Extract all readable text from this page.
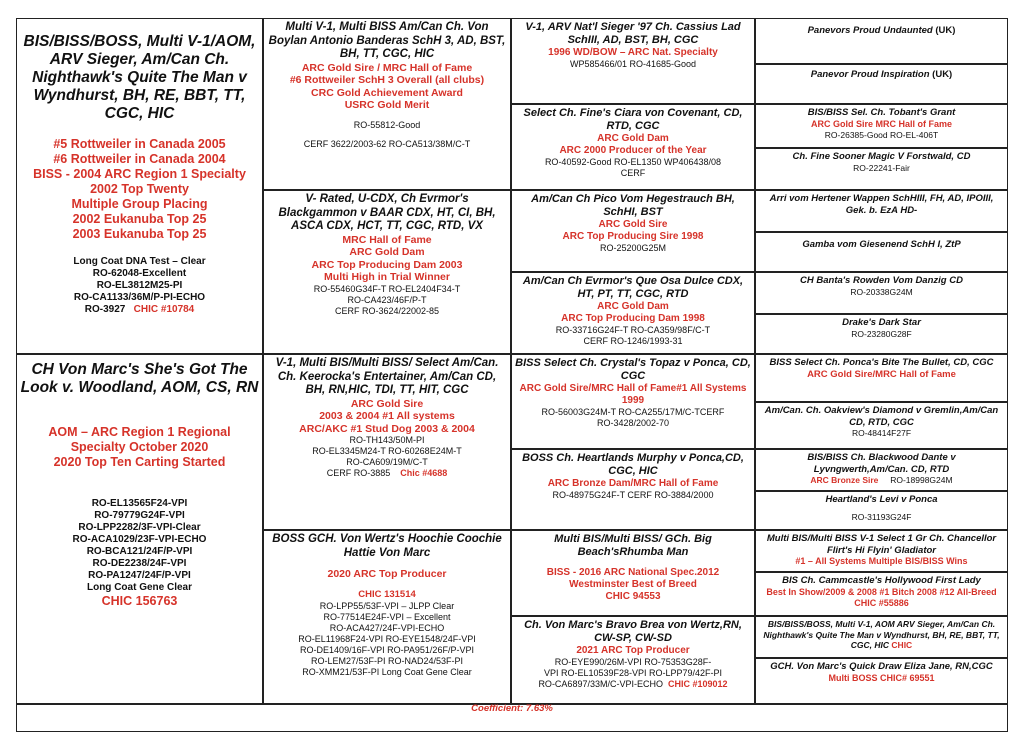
BIS/BISS/BOSS, Multi V-1/AOM, ARV Sieger, Am/Can Ch. Nighthawk's Quite The Man v Wyndhurst, BH, RE, BBT, TT, CGC, HIC
#5 Rottweiler in Canada 2005
#6 Rottweiler in Canada 2004
BISS - 2004 ARC Region 1 Specialty
2002 Top Twenty
Multiple Group Placing
2002 Eukanuba Top 25
2003 Eukanuba Top 25
Long Coat DNA Test – Clear
RO-62048-Excellent
RO-EL3812M25-PI
RO-CA1133/36M/P-PI-ECHO
RO-3927 CHIC #10784
CH Von Marc's She's Got The Look v. Woodland, AOM, CS, RN
AOM – ARC Region 1 Regional Specialty October 2020
2020 Top Ten Carting Started
RO-EL13565F24-VPI
RO-79779G24F-VPI
RO-LPP2282/3F-VPI-Clear
RO-ACA1029/23F-VPI-ECHO
RO-BCA121/24F/P-VPI
RO-DE2238/24F-VPI
RO-PA1247/24F/P-VPI
Long Coat Gene Clear
CHIC 156763
Multi V-1, Multi BISS Am/Can Ch. Von Boylan Antonio Banderas SchH 3, AD, BST, BH, TT, CGC, HIC
ARC Gold Sire / MRC Hall of Fame
#6 Rottweiler SchH 3 Overall (all clubs)
CRC Gold Achievement Award
USRC Gold Merit
RO-55812-Good
CERF 3622/2003-62 RO-CA513/38M/C-T
V- Rated, U-CDX, Ch Evrmor's Blackgammon v BAAR CDX, HT, CI, BH, ASCA CDX, HCT, TT, CGC, RTD, VX
MRC Hall of Fame
ARC Gold Dam
ARC Top Producing Dam 2003
Multi High in Trial Winner
RO-55460G34F-T RO-EL2404F34-T
RO-CA423/46F/P-T
CERF RO-3624/22002-85
V-1, Multi BIS/Multi BISS/ Select Am/Can. Ch. Keerocka's Entertainer, Am/Can CD, BH, RN,HIC, TDI, TT, HIT, CGC
ARC Gold Sire
2003 & 2004 #1 All systems
ARC/AKC #1 Stud Dog 2003 & 2004
RO-TH143/50M-PI
RO-EL3345M24-T RO-60268E24M-T
RO-CA609/19M/C-T
CERF RO-3885 Chic #4688
BOSS GCH. Von Wertz's Hoochie Coochie Hattie Von Marc
2020 ARC Top Producer
CHIC 131514
RO-LPP55/53F-VPI – JLPP Clear
RO-77514E24F-VPI – Excellent
RO-ACA427/24F-VPI-ECHO
RO-EL11968F24-VPI RO-EYE1548/24F-VPI
RO-DE1409/16F-VPI RO-PA951/26F/P-VPI
RO-LEM27/53F-PI RO-NAD24/53F-PI
RO-XMM21/53F-PI Long Coat Gene Clear
V-1, ARV Nat'l Sieger '97 Ch. Cassius Lad SchIII, AD, BST, BH, CGC
1996 WD/BOW – ARC Nat. Specialty
WP585466/01 RO-41685-Good
Select Ch. Fine's Ciara von Covenant, CD, RTD, CGC
ARC Gold Dam
ARC 2000 Producer of the Year
RO-40592-Good RO-EL1350 WP406438/08
CERF
Am/Can Ch Pico Vom Hegestrauch BH, SchHI, BST
ARC Gold Sire
ARC Top Producing Sire 1998
RO-25200G25M
Am/Can Ch Evrmor's Que Osa Dulce CDX, HT, PT, TT, CGC, RTD
ARC Gold Dam
ARC Top Producing Dam 1998
RO-33716G24F-T RO-CA359/98F/C-T
CERF RO-1246/1993-31
BISS Select Ch. Crystal's Topaz v Ponca, CD, CGC
ARC Gold Sire/MRC Hall of Fame#1 All Systems 1999
RO-56003G24M-T RO-CA255/17M/C-TCERF
RO-3428/2002-70
BOSS Ch. Heartlands Murphy v Ponca,CD, CGC, HIC
ARC Bronze Dam/MRC Hall of Fame
RO-48975G24F-T CERF RO-3884/2000
Multi BIS/Multi BISS/ GCh. Big Beach'sRhumba Man
BISS - 2016 ARC National Spec.2012
Westminster Best of Breed
CHIC 94553
Ch. Von Marc's Bravo Brea von Wertz,RN, CW-SP, CW-SD
2021 ARC Top Producer
RO-EYE990/26M-VPI RO-75353G28F-
VPI RO-EL10539F28-VPI RO-LPP79/42F-PI
RO-CA6897/33M/C-VPI-ECHO CHIC #109012
Panevors Proud Undaunted (UK)
Panevor Proud Inspiration (UK)
BIS/BISS Sel. Ch. Tobant's Grant
ARC Gold Sire MRC Hall of Fame
RO-26385-Good RO-EL-406T
Ch. Fine Sooner Magic V Forstwald, CD
RO-22241-Fair
Arri vom Hertener Wappen SchHIII, FH, AD, IPOIII, Gek. b. EzA HD-
Gamba vom Giesenend SchH I, ZtP
CH Banta's Rowden Vom Danzig CD
RO-20338G24M
Drake's Dark Star
RO-23280G28F
BISS Select Ch. Ponca's Bite The Bullet, CD, CGC ARC Gold Sire/MRC Hall of Fame
Am/Can. Ch. Oakview's Diamond v Gremlin,Am/Can CD, RTD, CGC
RO-48414F27F
BIS/BISS Ch. Blackwood Dante v Lyvngwerth,Am/Can. CD, RTD
ARC Bronze Sire RO-18998G24M
Heartland's Levi v Ponca
RO-31193G24F
Multi BIS/Multi BISS V-1 Select 1 Gr Ch. Chancellor Flirt's Hi Flyin' Gladiator
#1 – All Systems Multiple BIS/BISS Wins
BIS Ch. Cammcastle's Hollywood First Lady
Best In Show/2009 & 2008 #1 Bitch 2008 #12 All-Breed CHIC #55886
BIS/BISS/BOSS, Multi V-1, AOM ARV Sieger, Am/Can Ch. Nighthawk's Quite The Man v Wyndhurst, BH, RE, BBT, TT, CGC, HIC CHIC
GCH. Von Marc's Quick Draw Eliza Jane, RN,CGC
Multi BOSS CHIC# 69551
Coefficient: 7.63%
